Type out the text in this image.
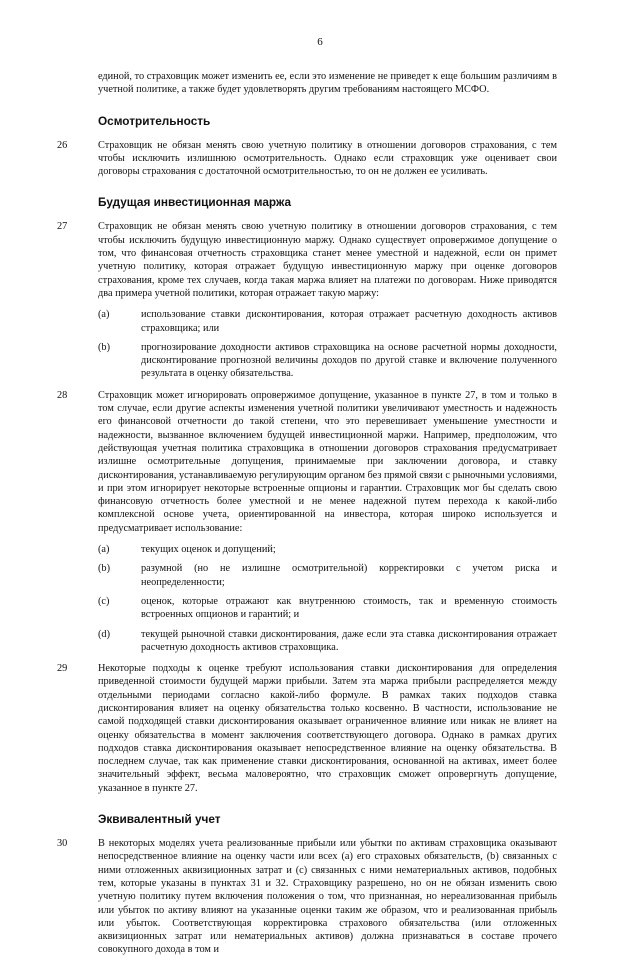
6
единой, то страховщик может изменить ее, если это изменение не приведет к еще большим различиям в учетной политике, а также будет удовлетворять другим требованиям настоящего МСФО.
Осмотрительность
26	Страховщик не обязан менять свою учетную политику в отношении договоров страхования, с тем чтобы исключить излишнюю осмотрительность. Однако если страховщик уже оценивает свои договоры страхования с достаточной осмотрительностью, то он не должен ее усиливать.
Будущая инвестиционная маржа
27	Страховщик не обязан менять свою учетную политику в отношении договоров страхования, с тем чтобы исключить будущую инвестиционную маржу. Однако существует опровержимое допущение о том, что финансовая отчетность страховщика станет менее уместной и надежной, если он примет учетную политику, которая отражает будущую инвестиционную маржу при оценке договоров страхования, кроме тех случаев, когда такая маржа влияет на платежи по договорам. Ниже приводятся два примера учетной политики, которая отражает такую маржу:
(a)	использование ставки дисконтирования, которая отражает расчетную доходность активов страховщика; или
(b)	прогнозирование доходности активов страховщика на основе расчетной нормы доходности, дисконтирование прогнозной величины доходов по другой ставке и включение полученного результата в оценку обязательства.
28	Страховщик может игнорировать опровержимое допущение, указанное в пункте 27, в том и только в том случае, если другие аспекты изменения учетной политики увеличивают уместность и надежность его финансовой отчетности до такой степени, что это перевешивает уменьшение уместности и надежности, вызванное включением будущей инвестиционной маржи. Например, предположим, что действующая учетная политика страховщика в отношении договоров страхования предусматривает излишне осмотрительные допущения, принимаемые при заключении договора, и ставку дисконтирования, устанавливаемую регулирующим органом без прямой связи с рыночными условиями, и при этом игнорирует некоторые встроенные опционы и гарантии. Страховщик мог бы сделать свою финансовую отчетность более уместной и не менее надежной путем перехода к какой-либо комплексной основе учета, ориентированной на инвестора, которая широко используется и предусматривает использование:
(a)	текущих оценок и допущений;
(b)	разумной (но не излишне осмотрительной) корректировки с учетом риска и неопределенности;
(c)	оценок, которые отражают как внутреннюю стоимость, так и временную стоимость встроенных опционов и гарантий; и
(d)	текущей рыночной ставки дисконтирования, даже если эта ставка дисконтирования отражает расчетную доходность активов страховщика.
29	Некоторые подходы к оценке требуют использования ставки дисконтирования для определения приведенной стоимости будущей маржи прибыли. Затем эта маржа прибыли распределяется между отдельными периодами согласно какой-либо формуле. В рамках таких подходов ставка дисконтирования влияет на оценку обязательства только косвенно. В частности, использование не самой подходящей ставки дисконтирования оказывает ограниченное влияние или никак не влияет на оценку обязательства в момент заключения соответствующего договора. Однако в рамках других подходов ставка дисконтирования оказывает непосредственное влияние на оценку обязательства. В последнем случае, так как применение ставки дисконтирования, основанной на активах, имеет более значительный эффект, весьма маловероятно, что страховщик сможет опровергнуть допущение, указанное в пункте 27.
Эквивалентный учет
30	В некоторых моделях учета реализованные прибыли или убытки по активам страховщика оказывают непосредственное влияние на оценку части или всех (а) его страховых обязательств, (b) связанных с ними отложенных аквизиционных затрат и (с) связанных с ними нематериальных активов, подобных тем, которые указаны в пунктах 31 и 32. Страховщику разрешено, но он не обязан изменить свою учетную политику путем включения положения о том, что признанная, но нереализованная прибыль или убыток по активу влияют на указанные оценки таким же образом, что и реализованная прибыль или убыток. Соответствующая корректировка страхового обязательства (или отложенных аквизиционных затрат или нематериальных активов) должна признаваться в составе прочего совокупного дохода в том и
